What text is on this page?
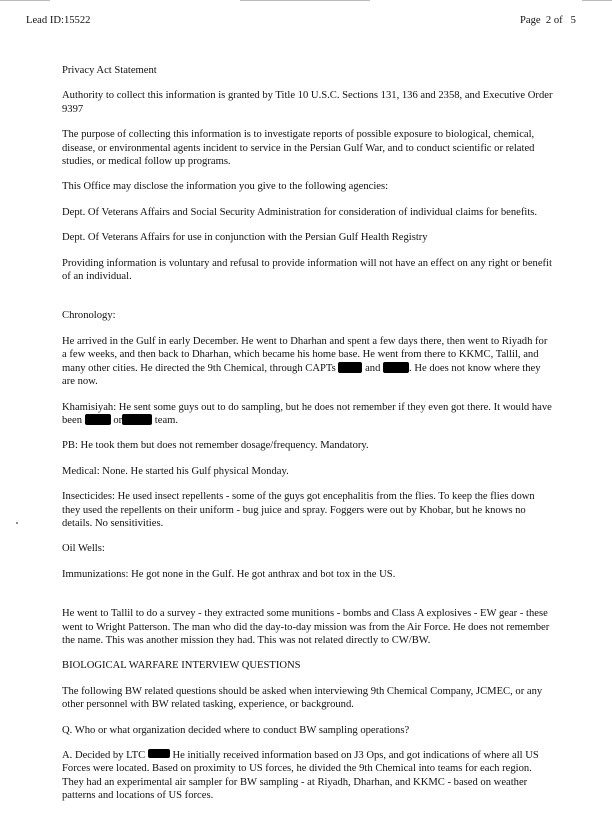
Lead ID:15522	Page 2 of 5

Privacy Act Statement

Authority to collect this information is granted by Title 10 U.S.C. Sections 131, 136 and 2358, and Executive Order 9397

The purpose of collecting this information is to investigate reports of possible exposure to biological, chemical, disease, or environmental agents incident to service in the Persian Gulf War, and to conduct scientific or related studies, or medical follow up programs.

This Office may disclose the information you give to the following agencies:

Dept. Of Veterans Affairs and Social Security Administration for consideration of individual claims for benefits.

Dept. Of Veterans Affairs for use in conjunction with the Persian Gulf Health Registry

Providing information is voluntary and refusal to provide information will not have an effect on any right or benefit of an individual.

Chronology:

He arrived in the Gulf in early December. He went to Dharhan and spent a few days there, then went to Riyadh for a few weeks, and then back to Dharhan, which became his home base. He went from there to KKMC, Tallil, and many other cities. He directed the 9th Chemical, through CAPTs	and	. He does not know where they are now.

Khamisiyah: He sent some guys out to do sampling, but he does not remember if they even got there. It would have been	or	team.

PB: He took them but does not remember dosage/frequency. Mandatory.

Medical: None. He started his Gulf physical Monday.

Insecticides: He used insect repellents - some of the guys got encephalitis from the flies. To keep the flies down they used the repellents on their uniform - bug juice and spray. Foggers were out by Khobar, but he knows no details. No sensitivities.

Oil Wells:

Immunizations: He got none in the Gulf. He got anthrax and bot tox in the US.

He went to Tallil to do a survey - they extracted some munitions - bombs and Class A explosives - EW gear - these went to Wright Patterson. The man who did the day-to-day mission was from the Air Force. He does not remember the name. This was another mission they had. This was not related directly to CW/BW.

BIOLOGICAL WARFARE INTERVIEW QUESTIONS

The following BW related questions should be asked when interviewing 9th Chemical Company, JCMEC, or any other personnel with BW related tasking, experience, or background.

Q. Who or what organization decided where to conduct BW sampling operations?

A. Decided by LTC	He initially received information based on J3 Ops, and got indications of where all US Forces were located. Based on proximity to US forces, he divided the 9th Chemical into teams for each region. They had an experimental air sampler for BW sampling - at Riyadh, Dharhan, and KKMC - based on weather patterns and locations of US forces.
